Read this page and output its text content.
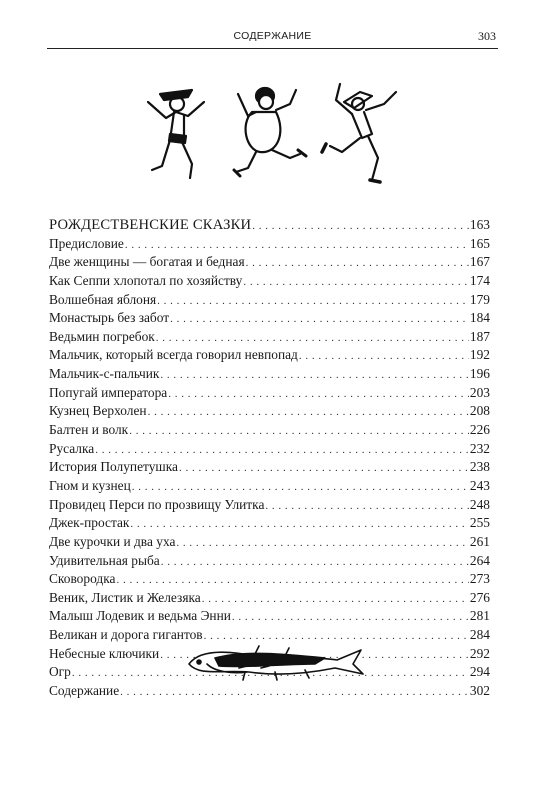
СОДЕРЖАНИЕ	303
РОЖДЕСТВЕНСКИЕ СКАЗКИ . . .	163
Предисловие . . .	165
Две женщины — богатая и бедная . . .	167
Как Сеппи хлопотал по хозяйству . . .	174
Волшебная яблоня . . .	179
Монастырь без забот . . .	184
Ведьмин погребок . . .	187
Мальчик, который всегда говорил невпопад . . .	192
Мальчик-с-пальчик . . .	196
Попугай императора . . .	203
Кузнец Верхолен . . .	208
Балтен и волк . . .	226
Русалка . . .	232
История Полупетушка . . .	238
Гном и кузнец . . .	243
Провидец Перси по прозвищу Улитка . . .	248
Джек-простак . . .	255
Две курочки и два уха . . .	261
Удивительная рыба . . .	264
Сковородка . . .	273
Веник, Листик и Железяка . . .	276
Малыш Лодевик и ведьма Энни . . .	281
Великан и дорога гигантов . . .	284
Небесные ключики . . .	292
Огр . . .	294
Содержание . . .	302
